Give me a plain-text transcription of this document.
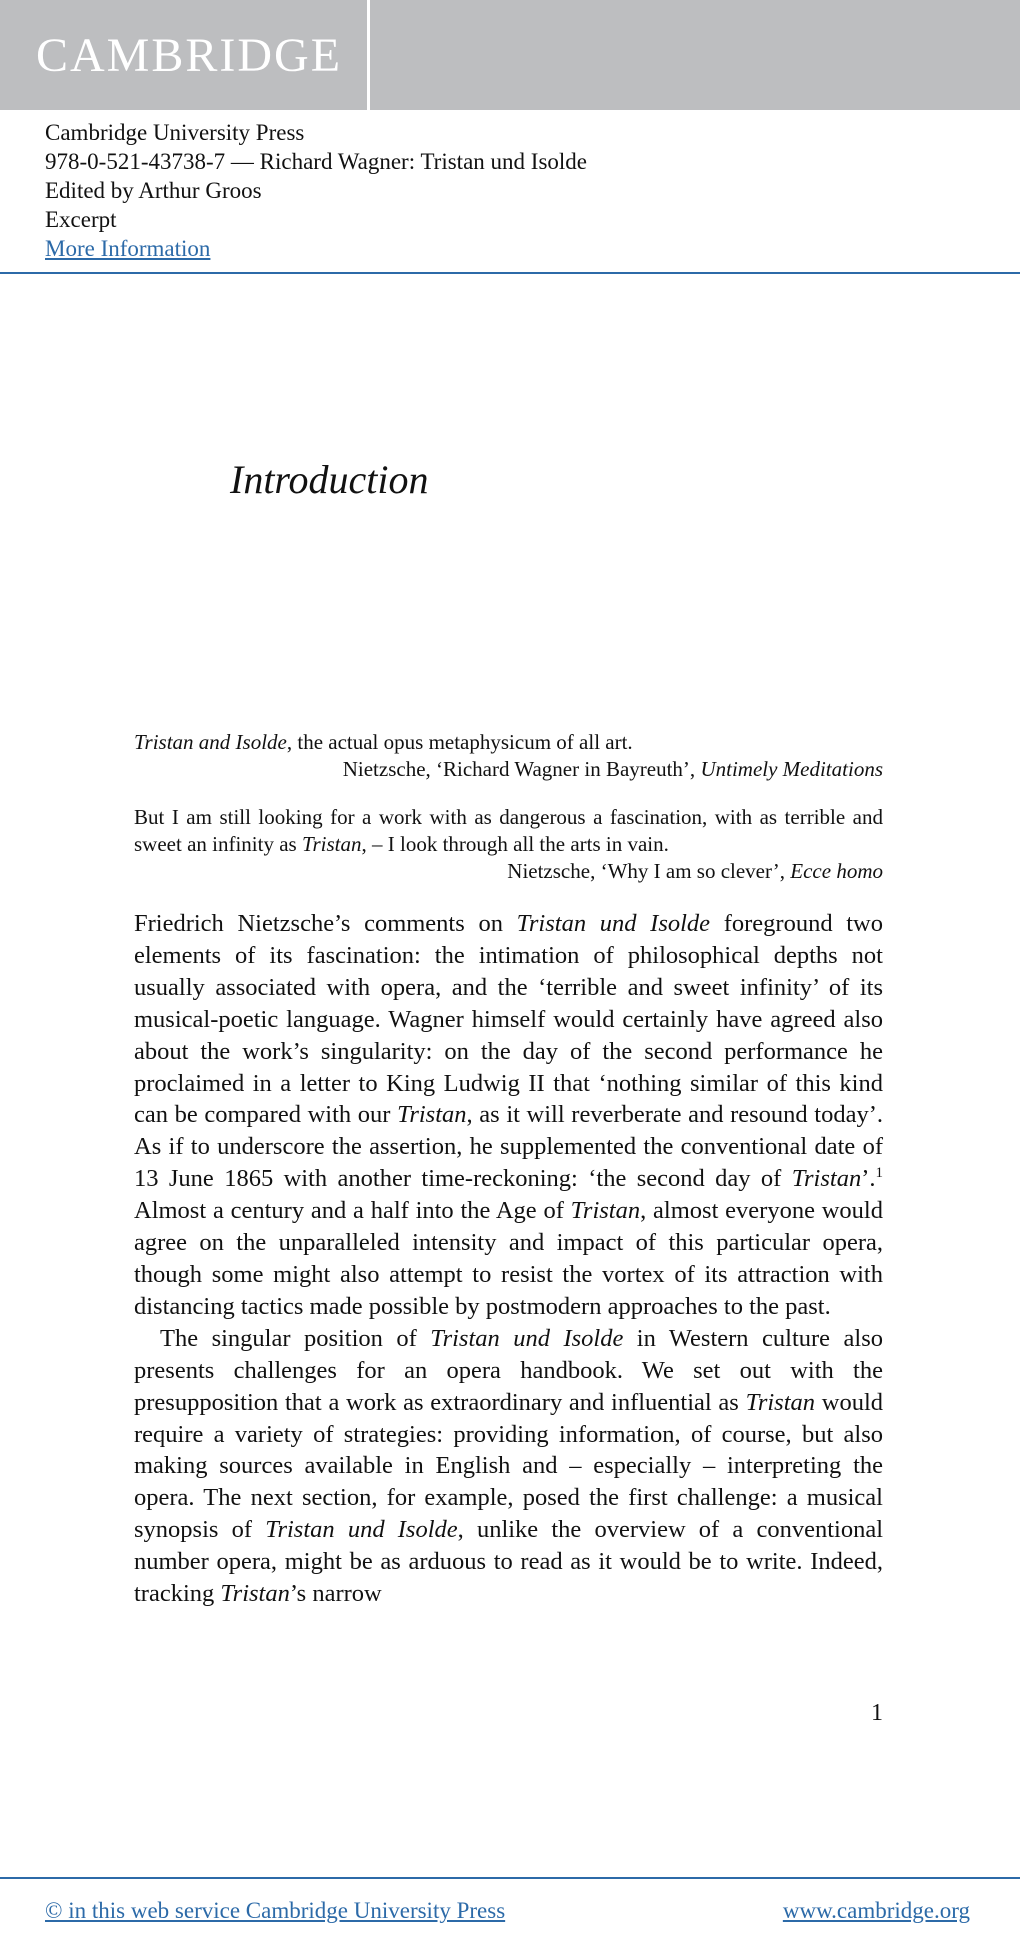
CAMBRIDGE
Cambridge University Press
978-0-521-43738-7 — Richard Wagner: Tristan und Isolde
Edited by Arthur Groos
Excerpt
More Information
Introduction
Tristan and Isolde, the actual opus metaphysicum of all art.
Nietzsche, ‘Richard Wagner in Bayreuth’, Untimely Meditations
But I am still looking for a work with as dangerous a fascination, with as terrible and sweet an infinity as Tristan, – I look through all the arts in vain.
Nietzsche, ‘Why I am so clever’, Ecce homo

Friedrich Nietzsche’s comments on Tristan und Isolde foreground two elements of its fascination: the intimation of philosophical depths not usually associated with opera, and the ‘terrible and sweet infinity’ of its musical-poetic language. Wagner himself would certainly have agreed also about the work’s singularity: on the day of the second performance he proclaimed in a letter to King Ludwig II that ‘nothing similar of this kind can be compared with our Tristan, as it will reverberate and resound today’. As if to underscore the assertion, he supplemented the conventional date of 13 June 1865 with another time-reckoning: ‘the second day of Tristan’.$^1$ Almost a century and a half into the Age of Tristan, almost everyone would agree on the unparalleled intensity and impact of this particular opera, though some might also attempt to resist the vortex of its attraction with distancing tactics made possible by postmodern approaches to the past.

The singular position of Tristan und Isolde in Western culture also presents challenges for an opera handbook. We set out with the presupposition that a work as extraordinary and influential as Tristan would require a variety of strategies: providing information, of course, but also making sources available in English and – especially – interpreting the opera. The next section, for example, posed the first challenge: a musical synopsis of Tristan und Isolde, unlike the overview of a conventional number opera, might be as arduous to read as it would be to write. Indeed, tracking Tristan’s narrow

1
© in this web service Cambridge University Press	www.cambridge.org
